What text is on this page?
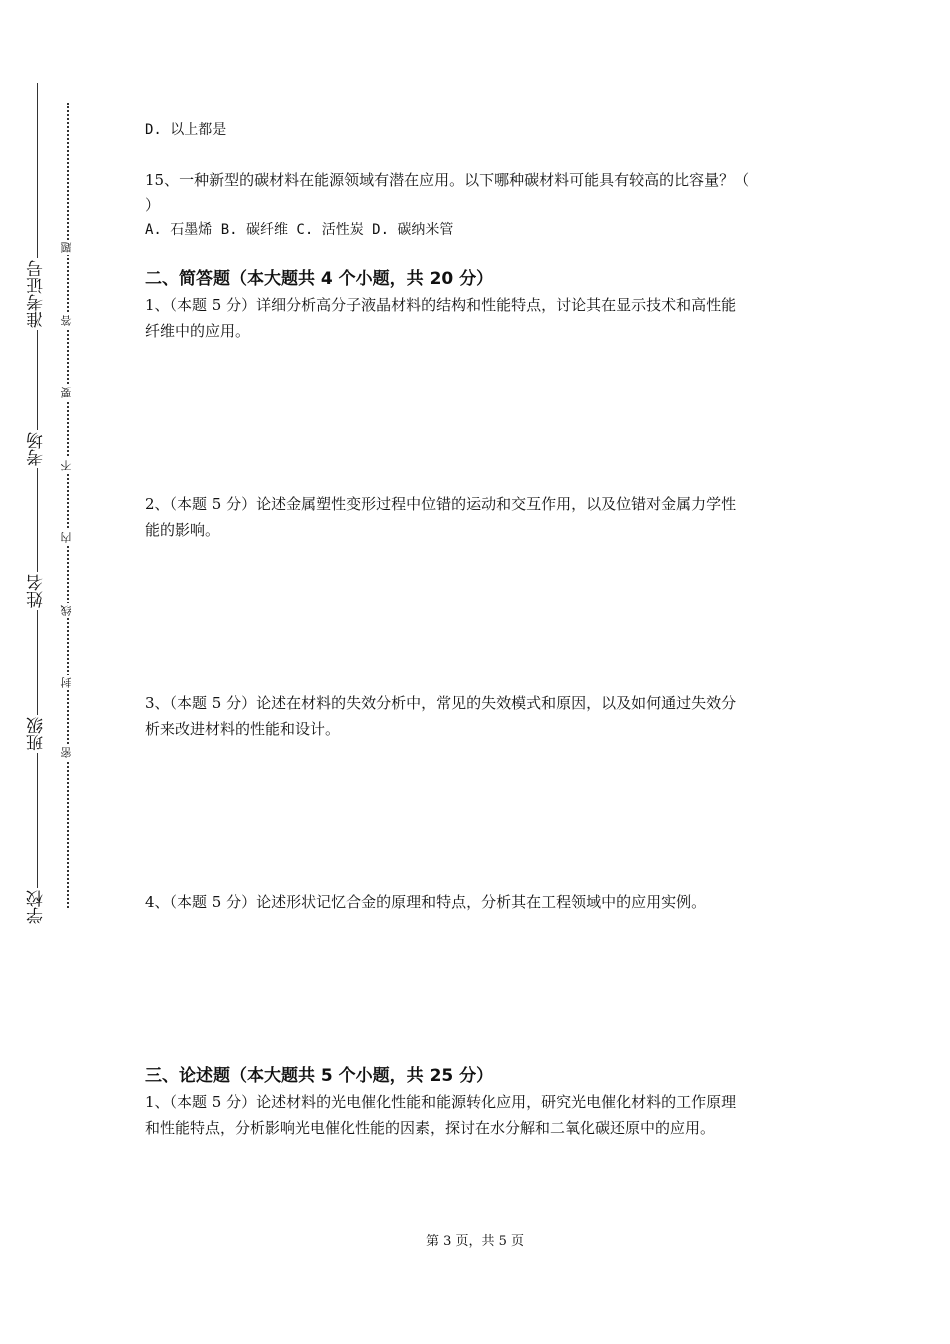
准考证号
考场
姓名
班级
学校
题
答
要
不
内
线
封
密
D. 以上都是
15、一种新型的碳材料在能源领域有潜在应用。以下哪种碳材料可能具有较高的比容量？（
）
A. 石墨烯 B. 碳纤维 C. 活性炭 D. 碳纳米管
二、简答题（本大题共 4 个小题，共 20 分）
1、（本题 5 分）详细分析高分子液晶材料的结构和性能特点，讨论其在显示技术和高性能
纤维中的应用。
2、（本题 5 分）论述金属塑性变形过程中位错的运动和交互作用，以及位错对金属力学性
能的影响。
3、（本题 5 分）论述在材料的失效分析中，常见的失效模式和原因，以及如何通过失效分
析来改进材料的性能和设计。
4、（本题 5 分）论述形状记忆合金的原理和特点，分析其在工程领域中的应用实例。
三、论述题（本大题共 5 个小题，共 25 分）
1、（本题 5 分）论述材料的光电催化性能和能源转化应用，研究光电催化材料的工作原理
和性能特点，分析影响光电催化性能的因素，探讨在水分解和二氧化碳还原中的应用。
第 3 页，共 5 页
